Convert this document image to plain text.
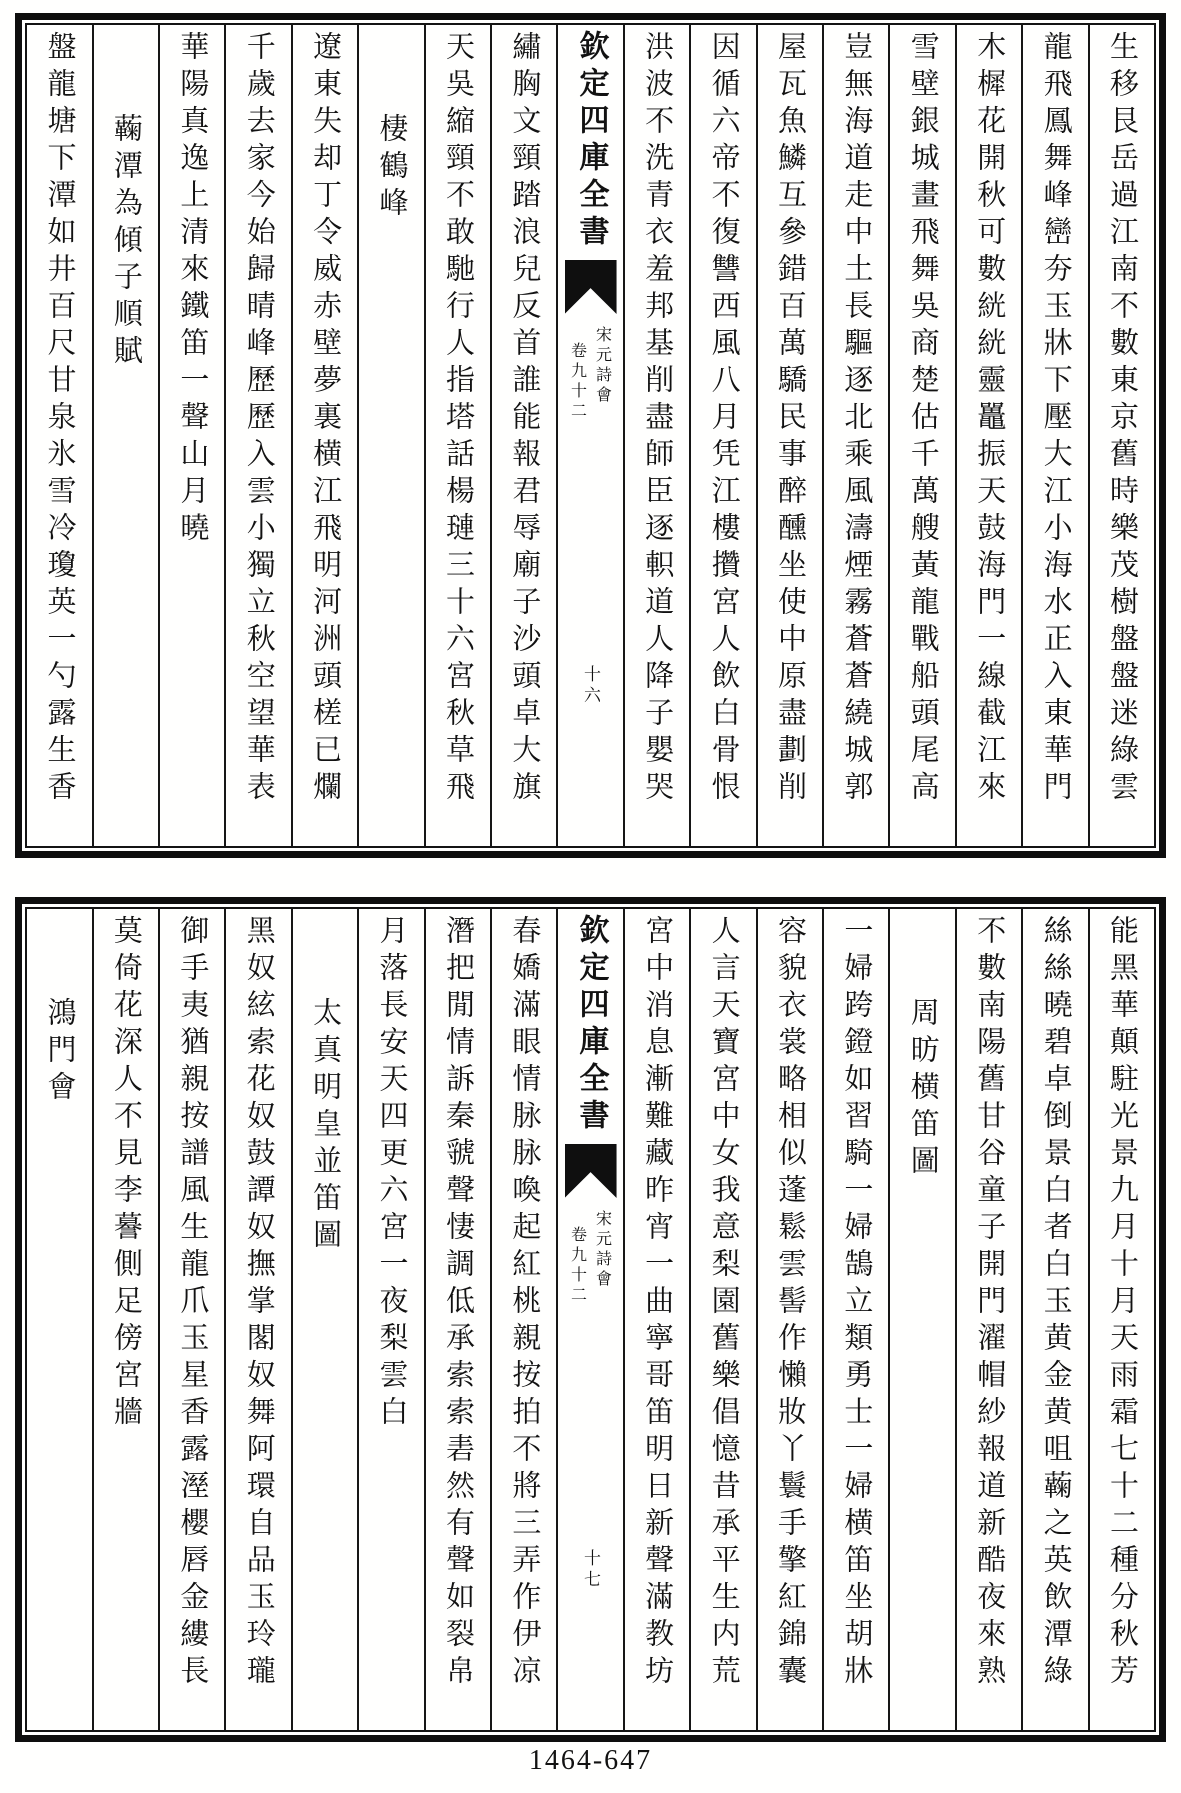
生移艮岳過江南不數東京舊時樂茂樹盤盤迷綠雲
龍飛鳳舞峰巒夯玉牀下壓大江小海水正入東華門
木樨花開秋可數絖絖靈鼉振天鼓海門一線截江來
雪壁銀城畫飛舞吳商楚估千萬艘黃龍戰船頭尾高
豈無海道走中土長驅逐北乘風濤煙霧蒼蒼繞城郭
屋瓦魚鱗互參錯百萬驕民事醉醺坐使中原盡劃削
因循六帝不復讐西風八月凭江樓攢宮人飲白骨恨
洪波不洗青衣羞邦基削盡師臣逐軹道人降子嬰哭
欽定四庫全書
宋元詩會
卷九十二
十六
繡胸文頸踏浪兒反首誰能報君辱廟子沙頭卓大旗
天吳縮頸不敢馳行人指塔話楊璉三十六宮秋草飛
棲鶴峰
遼東失却丁令威赤壁夢裏横江飛明河洲頭槎已爛
千歲去家今始歸晴峰歷歷入雲小獨立秋空望華表
華陽真逸上清來鐵笛一聲山月曉
蘜潭為傾子順賦
盤龍塘下潭如井百尺甘泉氷雪冷瓊英一勺露生香
能黑華顛駐光景九月十月天雨霜七十二種分秋芳
絲絲曉碧卓倒景白者白玉黄金黄咀蘜之英飲潭綠
不數南陽舊甘谷童子開門濯帽紗報道新酷夜來熟
周昉横笛圖
一婦跨鐙如習騎一婦鵠立類勇士一婦横笛坐胡牀
容貌衣裳略相似蓬鬆雲髻作懶妝丫鬟手擎紅錦囊
人言天寶宮中女我意梨園舊樂倡憶昔承平生内荒
宮中消息漸難藏昨宵一曲寧哥笛明日新聲滿教坊
欽定四庫全書
宋元詩會
卷九十二
十七
春嬌滿眼情脉脉喚起紅桃親按拍不將三弄作伊凉
潛把閒情訴秦虢聲悽調低承索索砉然有聲如裂帛
月落長安天四更六宮一夜梨雲白
太真明皇並笛圖
黑奴絃索花奴鼓譚奴撫掌閣奴舞阿環自品玉玲瓏
御手夷猶親按譜風生龍爪玉星香露溼櫻唇金縷長
莫倚花深人不見李謩側足傍宮牆
鴻門會
1464-647
